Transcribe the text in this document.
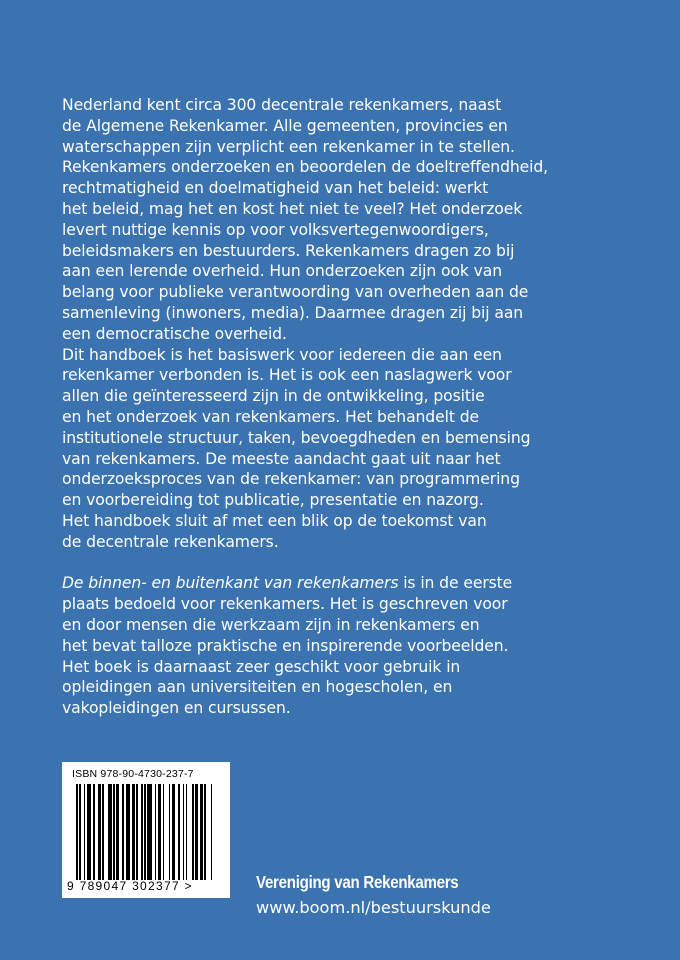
Nederland kent circa 300 decentrale rekenkamers, naast
de Algemene Rekenkamer. Alle gemeenten, provincies en
waterschappen zijn verplicht een rekenkamer in te stellen.
Rekenkamers onderzoeken en beoordelen de doeltreffendheid,
rechtmatigheid en doelmatigheid van het beleid: werkt
het beleid, mag het en kost het niet te veel? Het onderzoek
levert nuttige kennis op voor volksvertegenwoordigers,
beleidsmakers en bestuurders. Rekenkamers dragen zo bij
aan een lerende overheid. Hun onderzoeken zijn ook van
belang voor publieke verantwoording van overheden aan de
samenleving (inwoners, media). Daarmee dragen zij bij aan
een democratische overheid.
Dit handboek is het basiswerk voor iedereen die aan een
rekenkamer verbonden is. Het is ook een naslagwerk voor
allen die geïnteresseerd zijn in de ontwikkeling, positie
en het onderzoek van rekenkamers. Het behandelt de
institutionele structuur, taken, bevoegdheden en bemensing
van rekenkamers. De meeste aandacht gaat uit naar het
onderzoeksproces van de rekenkamer: van programmering
en voorbereiding tot publicatie, presentatie en nazorg.
Het handboek sluit af met een blik op de toekomst van
de decentrale rekenkamers.
De binnen- en buitenkant van rekenkamers is in de eerste
plaats bedoeld voor rekenkamers. Het is geschreven voor
en door mensen die werkzaam zijn in rekenkamers en
het bevat talloze praktische en inspirerende voorbeelden.
Het boek is daarnaast zeer geschikt voor gebruik in
opleidingen aan universiteiten en hogescholen, en
vakopleidingen en cursussen.
ISBN 978-90-4730-237-7
9 789047 302377 >	Vereniging van Rekenkamers
www.boom.nl/bestuurskunde
